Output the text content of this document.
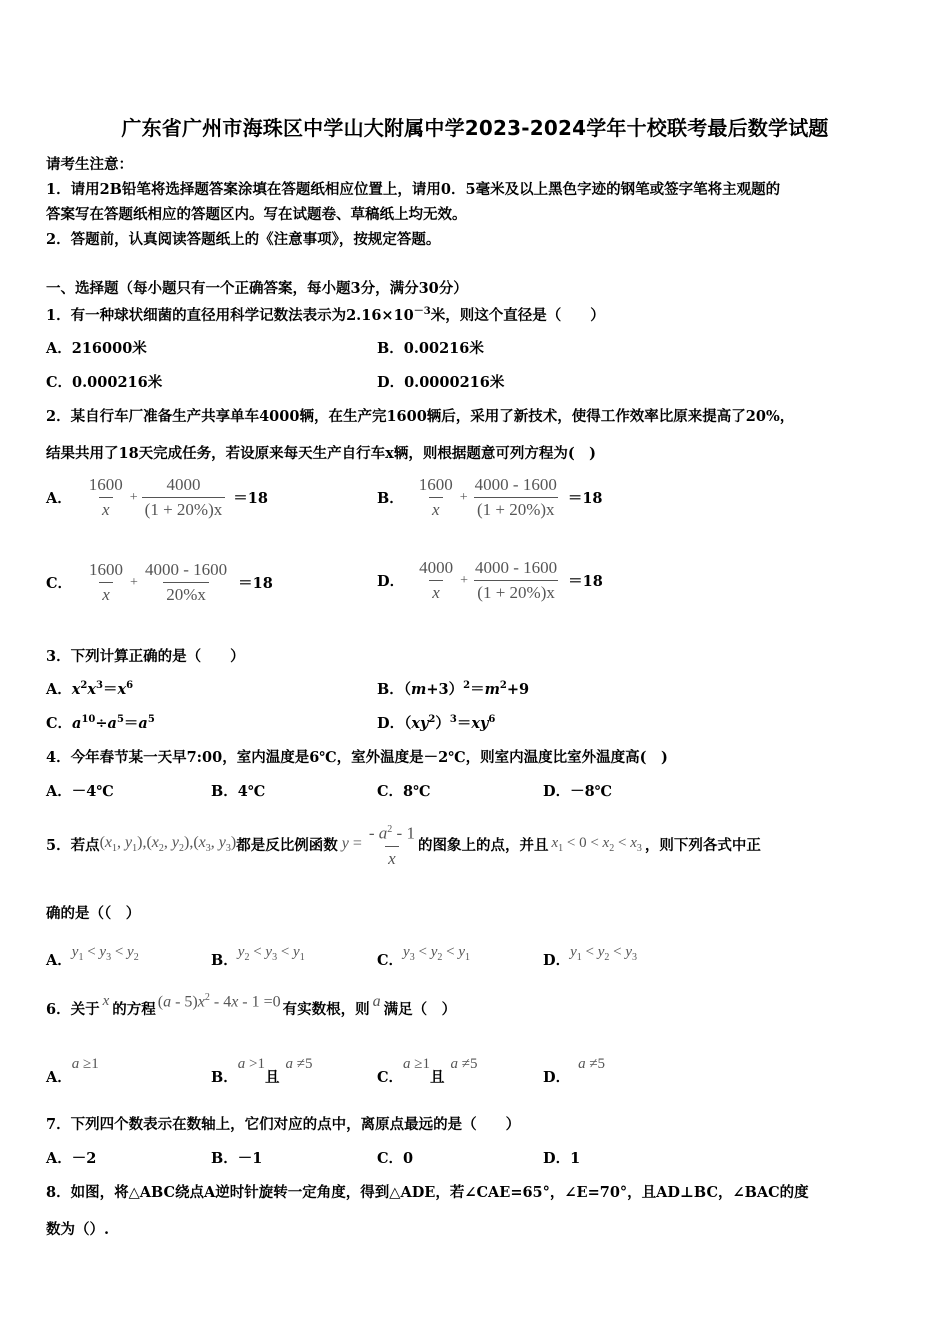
广东省广州市海珠区中学山大附属中学2023-2024学年十校联考最后数学试题
请考生注意：
1．请用2B铅笔将选择题答案涂填在答题纸相应位置上，请用0．5毫米及以上黑色字迹的钢笔或签字笔将主观题的
答案写在答题纸相应的答题区内。写在试题卷、草稿纸上均无效。
2．答题前，认真阅读答题纸上的《注意事项》，按规定答题。
一、选择题（每小题只有一个正确答案，每小题3分，满分30分）
1．有一种球状细菌的直径用科学记数法表示为$2.16\times 10^{-3}$米，则这个直径是（　　）
A．216000米	B．0.00216米
C．0.000216米	D．0.0000216米
2．某自行车厂准备生产共享单车4000辆，在生产完1600辆后，采用了新技术，使得工作效率比原来提高了20%，
结果共用了18天完成任务，若设原来每天生产自行车x辆，则根据题意可列方程为(　)
A． $\frac{1600}{x} + \frac{4000}{(1 + 20\%)x} =18$	B． $\frac{1600}{x} + \frac{4000 - 1600}{(1 + 20\%)x} =18$
C． $\frac{1600}{x} + \frac{4000 - 1600}{20\%x} =18$	D． $\frac{4000}{x} + \frac{4000 - 1600}{(1 + 20\%)x} =18$
3．下列计算正确的是（　　）
A．$x^2x^3=x^6$	B．$(m+3)^2=m^2+9$
C．$a^{10}\div a^5=a^5$	D．$(xy^2)^3=xy^6$
4．今年春节某一天早7:00，室内温度是6℃，室外温度是－2℃，则室内温度比室外温度高(　)
A．－4℃	B．4℃	C．8℃	D．－8℃
5．若点 ($x_1$, $y_1),(x_2$, $y_2),(x_3$, $y_3$) 都是反比例函数 $y = \frac{- a^2 - 1}{x}$ 的图象上的点，并且 $x_1 < 0 < x_2 < x_3$ ，则下列各式中正
确的是（（　）
A．$y_1 < y_3 < y_2$	B．$y_2 < y_3 < y_1$	C．$y_3 < y_2 < y_1$	D．$y_1 < y_2 < y_3$
6．关于 x 的方程 $(a - 5)x^2 - 4x - 1 =0$ 有实数根，则 a 满足（　）
A．a ≥1
B．a >1且a ≠5
C．a ≥1且a ≠5
D．a ≠5
7．下列四个数表示在数轴上，它们对应的点中，离原点最远的是（　　）
A．－2	B．－1	C．0	D．1
8．如图，将△ABC绕点A逆时针旋转一定角度，得到△ADE，若∠CAE=65°，∠E=70°，且AD⊥BC，∠BAC的度
数为（）.
